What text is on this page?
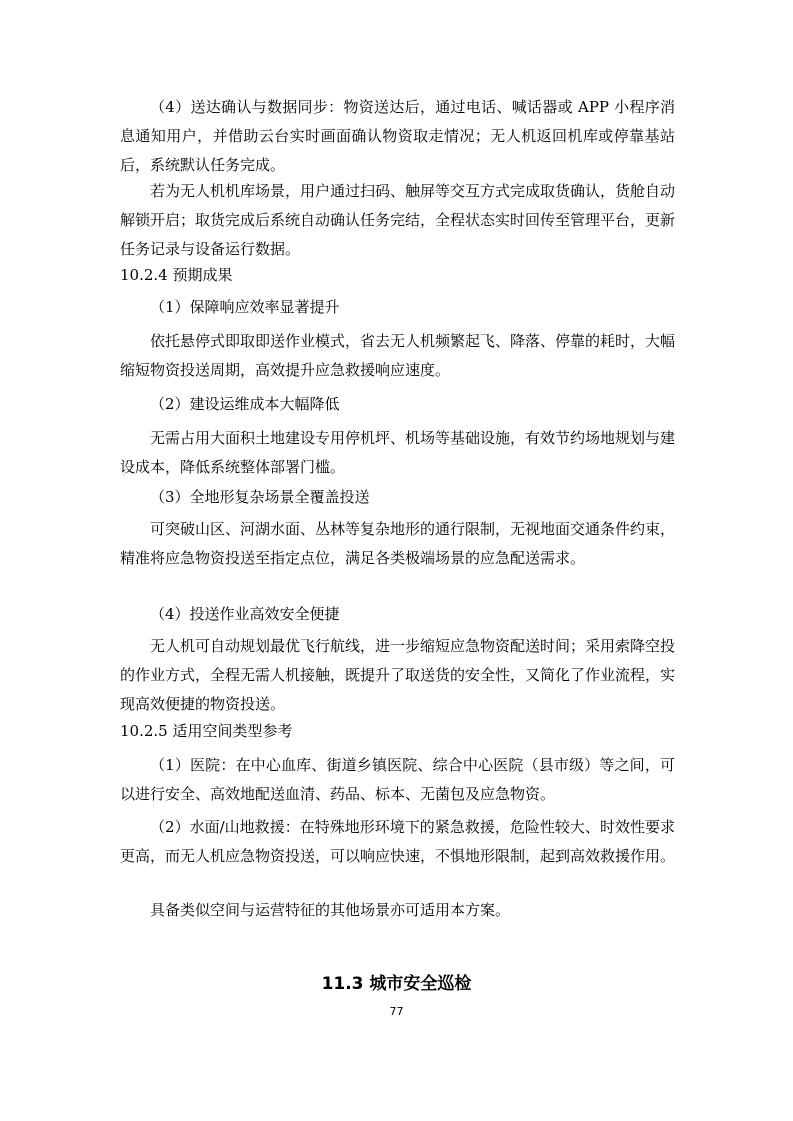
（4）送达确认与数据同步：物资送达后，通过电话、喊话器或 APP 小程序消息通知用户，并借助云台实时画面确认物资取走情况；无人机返回机库或停靠基站后，系统默认任务完成。

若为无人机机库场景，用户通过扫码、触屏等交互方式完成取货确认，货舱自动解锁开启；取货完成后系统自动确认任务完结，全程状态实时回传至管理平台，更新任务记录与设备运行数据。

10.2.4 预期成果
（1）保障响应效率显著提升

依托悬停式即取即送作业模式，省去无人机频繁起飞、降落、停靠的耗时，大幅缩短物资投送周期，高效提升应急救援响应速度。

（2）建设运维成本大幅降低

无需占用大面积土地建设专用停机坪、机场等基础设施，有效节约场地规划与建设成本，降低系统整体部署门槛。

（3）全地形复杂场景全覆盖投送

可突破山区、河湖水面、丛林等复杂地形的通行限制，无视地面交通条件约束，精准将应急物资投送至指定点位，满足各类极端场景的应急配送需求。

（4）投送作业高效安全便捷

无人机可自动规划最优飞行航线，进一步缩短应急物资配送时间；采用索降空投的作业方式，全程无需人机接触，既提升了取送货的安全性，又简化了作业流程，实现高效便捷的物资投送。

10.2.5 适用空间类型参考

（1）医院：在中心血库、街道乡镇医院、综合中心医院（县市级）等之间，可以进行安全、高效地配送血清、药品、标本、无菌包及应急物资。

（2）水面/山地救援：在特殊地形环境下的紧急救援，危险性较大、时效性要求更高，而无人机应急物资投送，可以响应快速，不惧地形限制，起到高效救援作用。

具备类似空间与运营特征的其他场景亦可适用本方案。

11.3 城市安全巡检
77
